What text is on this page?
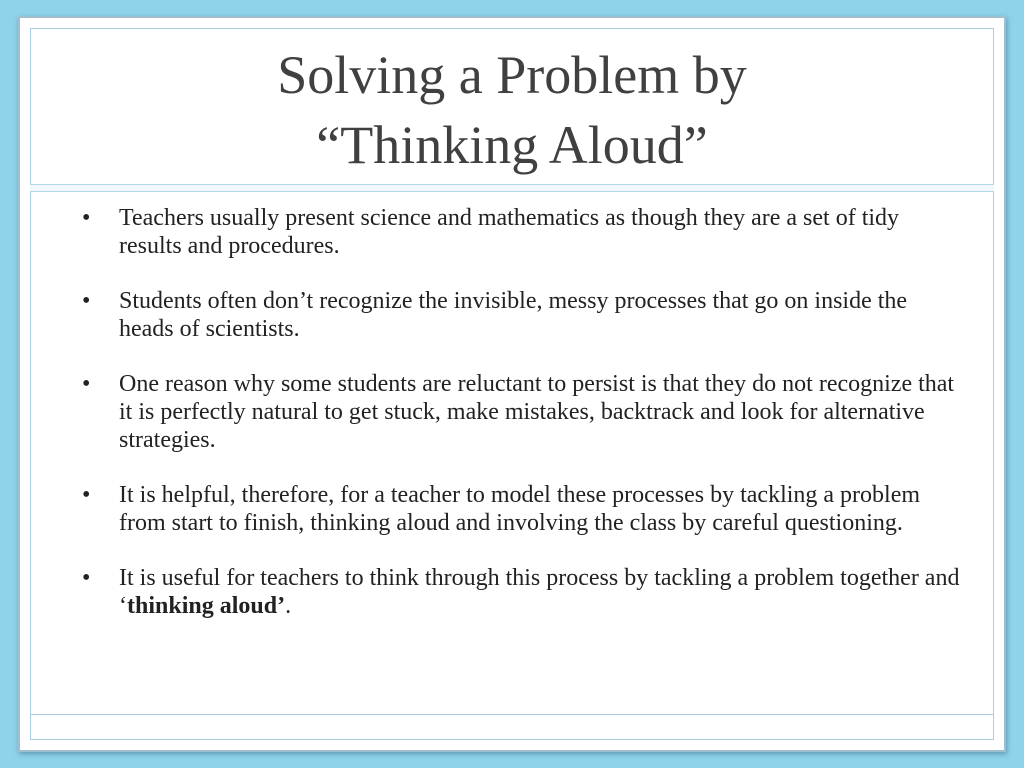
Solving a Problem by
“Thinking Aloud”
•	Teachers usually present science and mathematics as though they are a set of tidy results and procedures.
•	Students often don’t recognize the invisible, messy processes that go on inside the heads of scientists.
•	One reason why some students are reluctant to persist is that they do not recognize that it is perfectly natural to get stuck, make mistakes, backtrack and look for alternative strategies.
•	It is helpful, therefore, for a teacher to model these processes by tackling a problem from start to finish, thinking aloud and involving the class by careful questioning.
•	It is useful for teachers to think through this process by tackling a problem together and ‘thinking aloud’.
